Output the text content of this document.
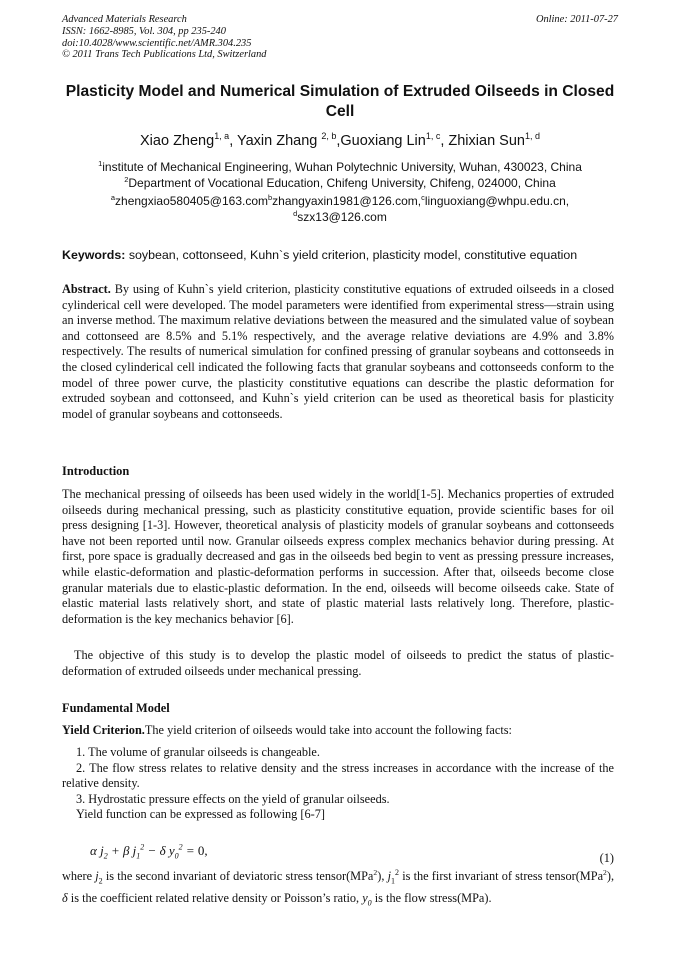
Advanced Materials Research
ISSN: 1662-8985, Vol. 304, pp 235-240
doi:10.4028/www.scientific.net/AMR.304.235
© 2011 Trans Tech Publications Ltd, Switzerland
Online: 2011-07-27
Plasticity Model and Numerical Simulation of Extruded Oilseeds in Closed Cell
Xiao Zheng$^{1, a}$, Yaxin Zhang $^{2, b}$,Guoxiang Lin$^{1, c}$, Zhixian Sun$^{1, d}$
$^1$institute of Mechanical Engineering, Wuhan Polytechnic University, Wuhan, 430023, China
$^2$Department of Vocational Education, Chifeng University, Chifeng, 024000, China
$^a$zhengxiao580405@163.com$^b$zhangyaxin1981@126.com,$^c$linguoxiang@whpu.edu.cn,
$^d$szx13@126.com
Keywords: soybean, cottonseed, Kuhn`s yield criterion, plasticity model, constitutive equation
Abstract. By using of Kuhn`s yield criterion, plasticity constitutive equations of extruded oilseeds in a closed cylinderical cell were developed. The model parameters were identified from experimental stress—strain using an inverse method. The maximum relative deviations between the measured and the simulated value of soybean and cottonseed are 8.5% and 5.1% respectively, and the average relative deviations are 4.9% and 3.8% respectively. The results of numerical simulation for confined pressing of granular soybeans and cottonseeds in the closed cylinderical cell indicated the following facts that granular soybeans and cottonseeds conform to the model of three power curve, the plasticity constitutive equations can describe the plastic deformation for extruded soybean and cottonseed, and Kuhn`s yield criterion can be used as theoretical basis for plasticity model of granular soybeans and cottonseeds.
Introduction
The mechanical pressing of oilseeds has been used widely in the world[1-5]. Mechanics properties of extruded oilseeds during mechanical pressing, such as plasticity constitutive equation, provide scientific bases for oil press designing [1-3]. However, theoretical analysis of plasticity models of granular soybeans and cottonseeds have not been reported until now. Granular oilseeds express complex mechanics behavior during pressing. At first, pore space is gradually decreased and gas in the oilseeds bed begin to vent as pressing pressure increases, while elastic-deformation and plastic-deformation performs in succession. After that, oilseeds become close granular materials due to elastic-plastic deformation. In the end, oilseeds will become oilseeds cake. State of elastic material lasts relatively short, and state of plastic material lasts relatively long. Therefore, plastic-deformation is the key mechanics behavior [6].
The objective of this study is to develop the plastic model of oilseeds to predict the status of plastic-deformation of extruded oilseeds under mechanical pressing.
Fundamental Model
Yield Criterion.The yield criterion of oilseeds would take into account the following facts:
1. The volume of granular oilseeds is changeable.
2. The flow stress relates to relative density and the stress increases in accordance with the increase of the relative density.
3. Hydrostatic pressure effects on the yield of granular oilseeds.
Yield function can be expressed as following [6-7]
α $j_2 + \beta$ $j_1^2 - \delta$ $y_0^2 = 0$,	(1)
where $j_2$ is the second invariant of deviatoric stress tensor(MPa$^2$), $j_1^2$ is the first invariant of stress tensor(MPa$^2$), δ is the coefficient related relative density or Poisson’s ratio, $y_0$ is the flow stress(MPa).
